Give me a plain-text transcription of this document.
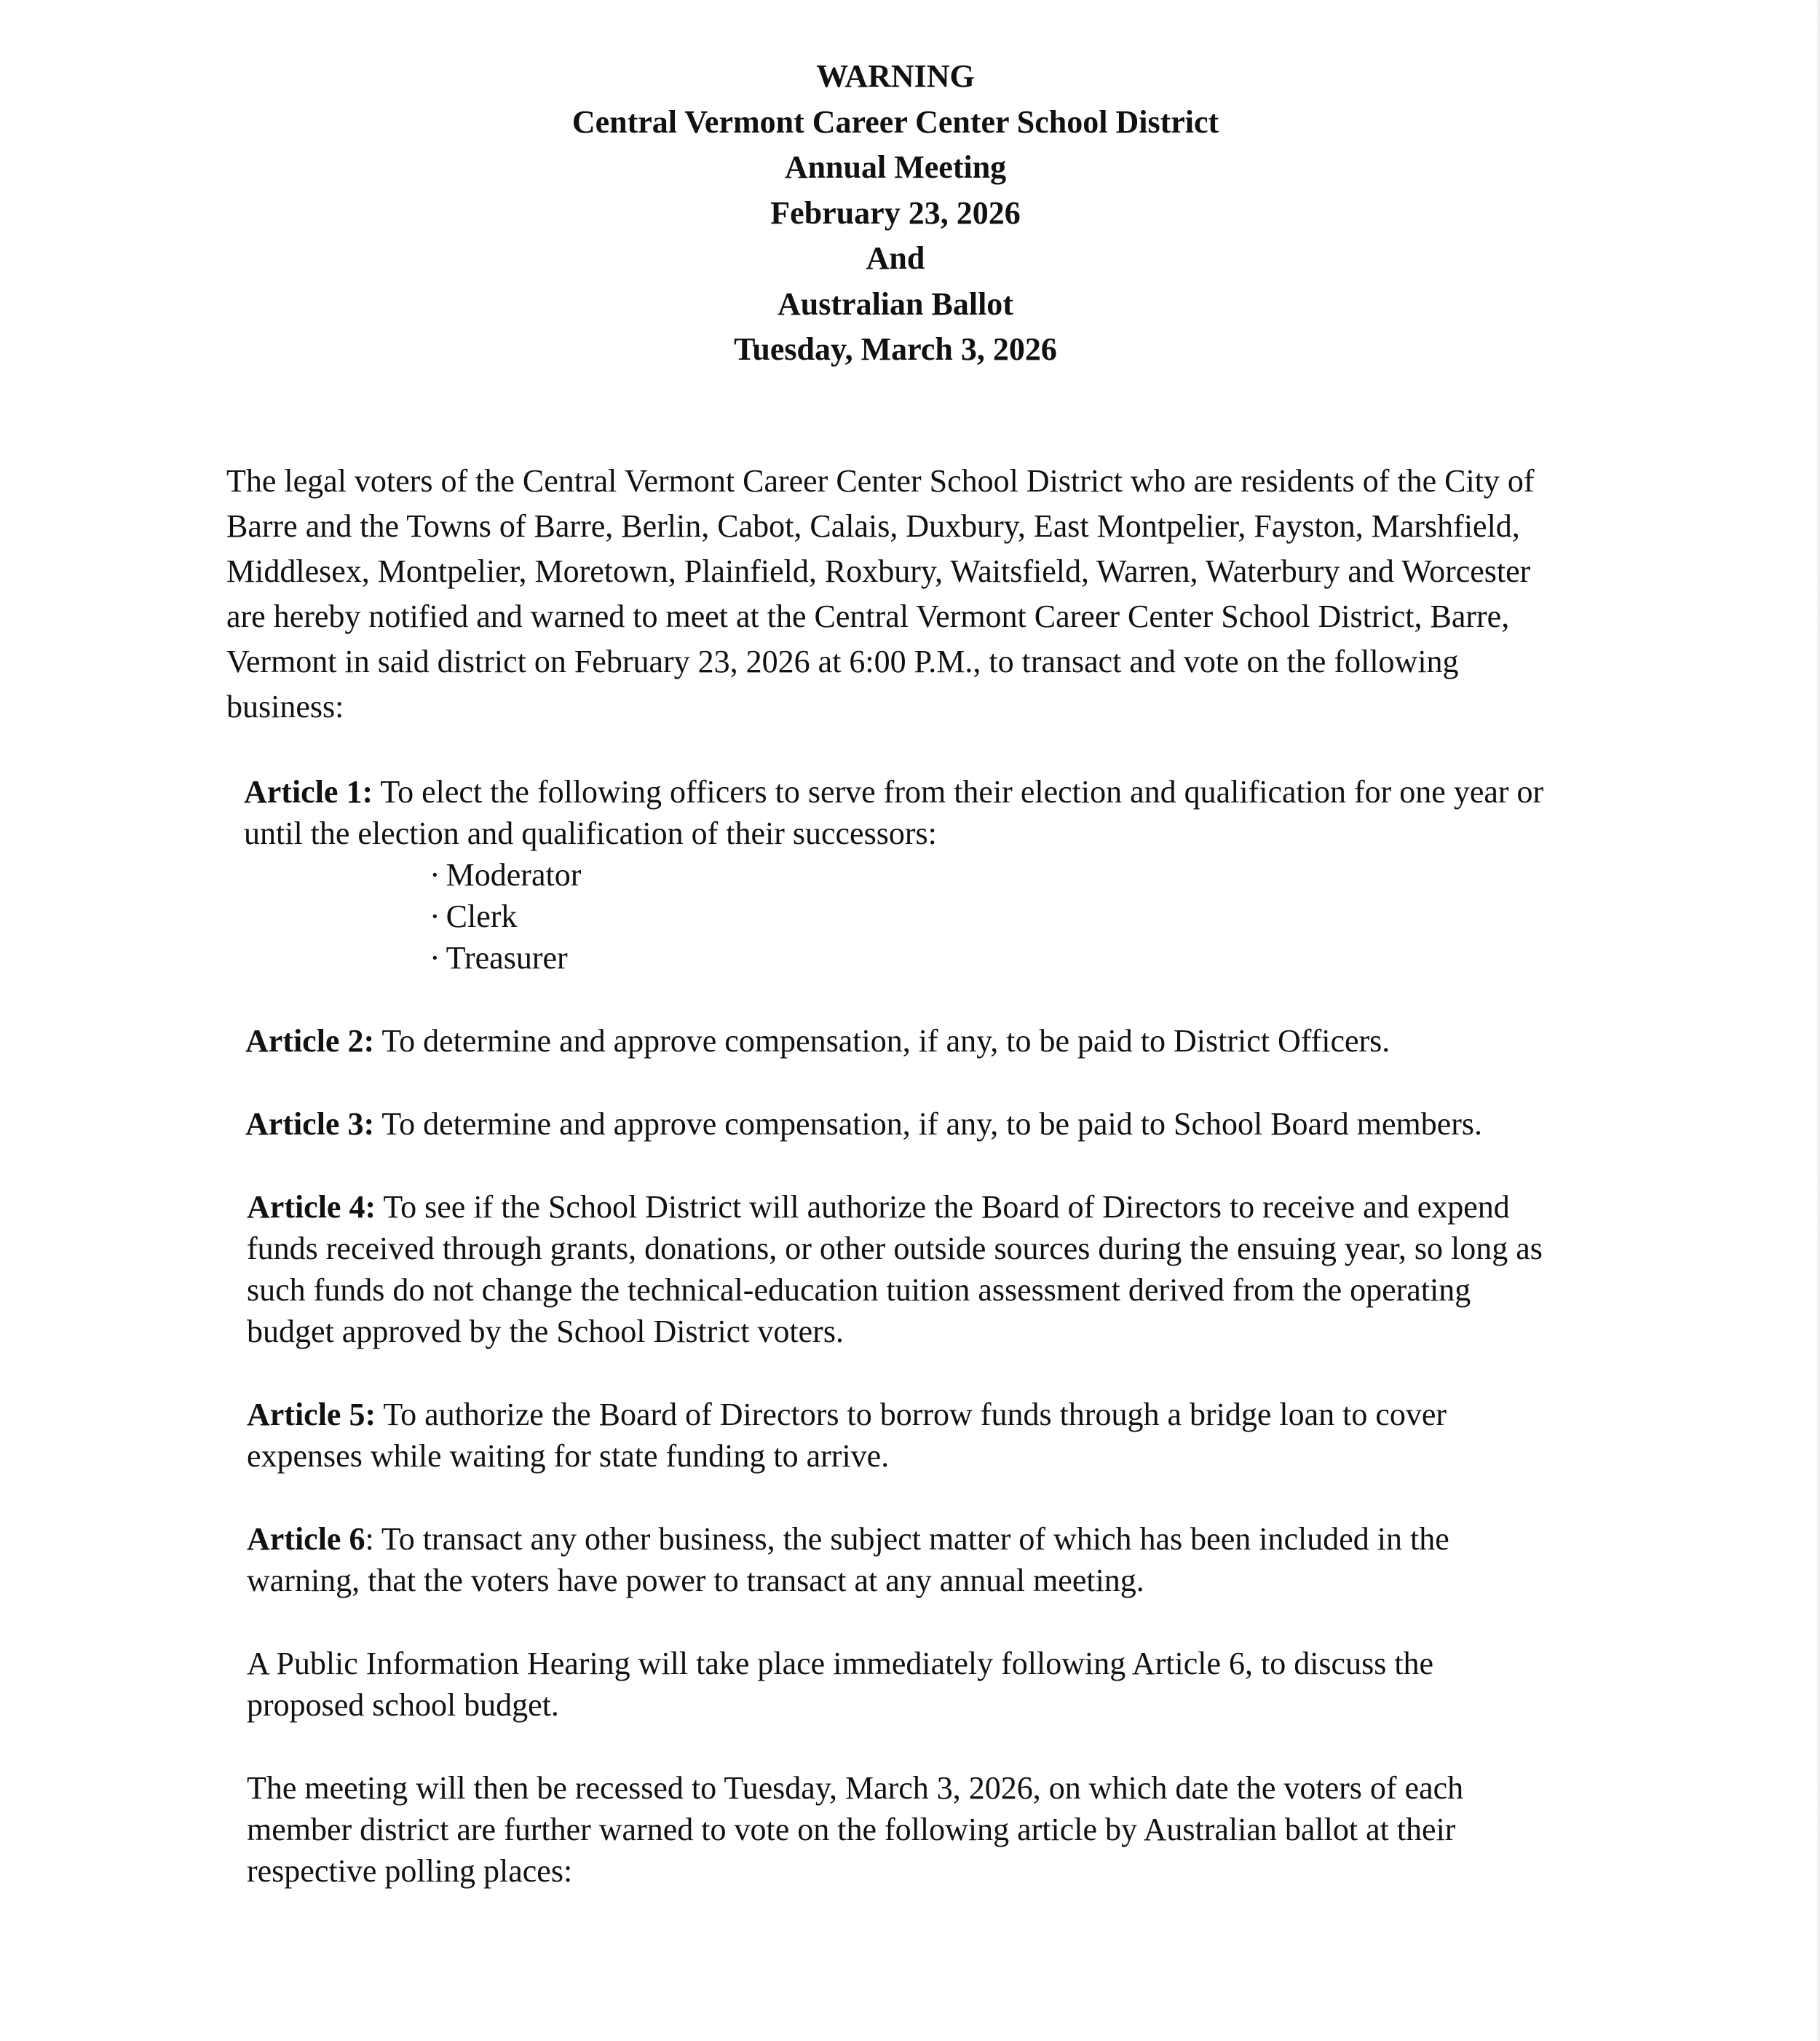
WARNING
Central Vermont Career Center School District
Annual Meeting
February 23, 2026
And
Australian Ballot
Tuesday, March 3, 2026

The legal voters of the Central Vermont Career Center School District who are residents of the City of Barre and the Towns of Barre, Berlin, Cabot, Calais, Duxbury, East Montpelier, Fayston, Marshfield, Middlesex, Montpelier, Moretown, Plainfield, Roxbury, Waitsfield, Warren, Waterbury and Worcester are hereby notified and warned to meet at the Central Vermont Career Center School District, Barre, Vermont in said district on February 23, 2026 at 6:00 P.M., to transact and vote on the following business:

Article 1: To elect the following officers to serve from their election and qualification for one year or until the election and qualification of their successors:
· Moderator
· Clerk
· Treasurer
Article 2: To determine and approve compensation, if any, to be paid to District Officers.
Article 3: To determine and approve compensation, if any, to be paid to School Board members.
Article 4: To see if the School District will authorize the Board of Directors to receive and expend funds received through grants, donations, or other outside sources during the ensuing year, so long as such funds do not change the technical-education tuition assessment derived from the operating budget approved by the School District voters.
Article 5: To authorize the Board of Directors to borrow funds through a bridge loan to cover expenses while waiting for state funding to arrive.
Article 6: To transact any other business, the subject matter of which has been included in the warning, that the voters have power to transact at any annual meeting.
A Public Information Hearing will take place immediately following Article 6, to discuss the proposed school budget.
The meeting will then be recessed to Tuesday, March 3, 2026, on which date the voters of each member district are further warned to vote on the following article by Australian ballot at their respective polling places:
